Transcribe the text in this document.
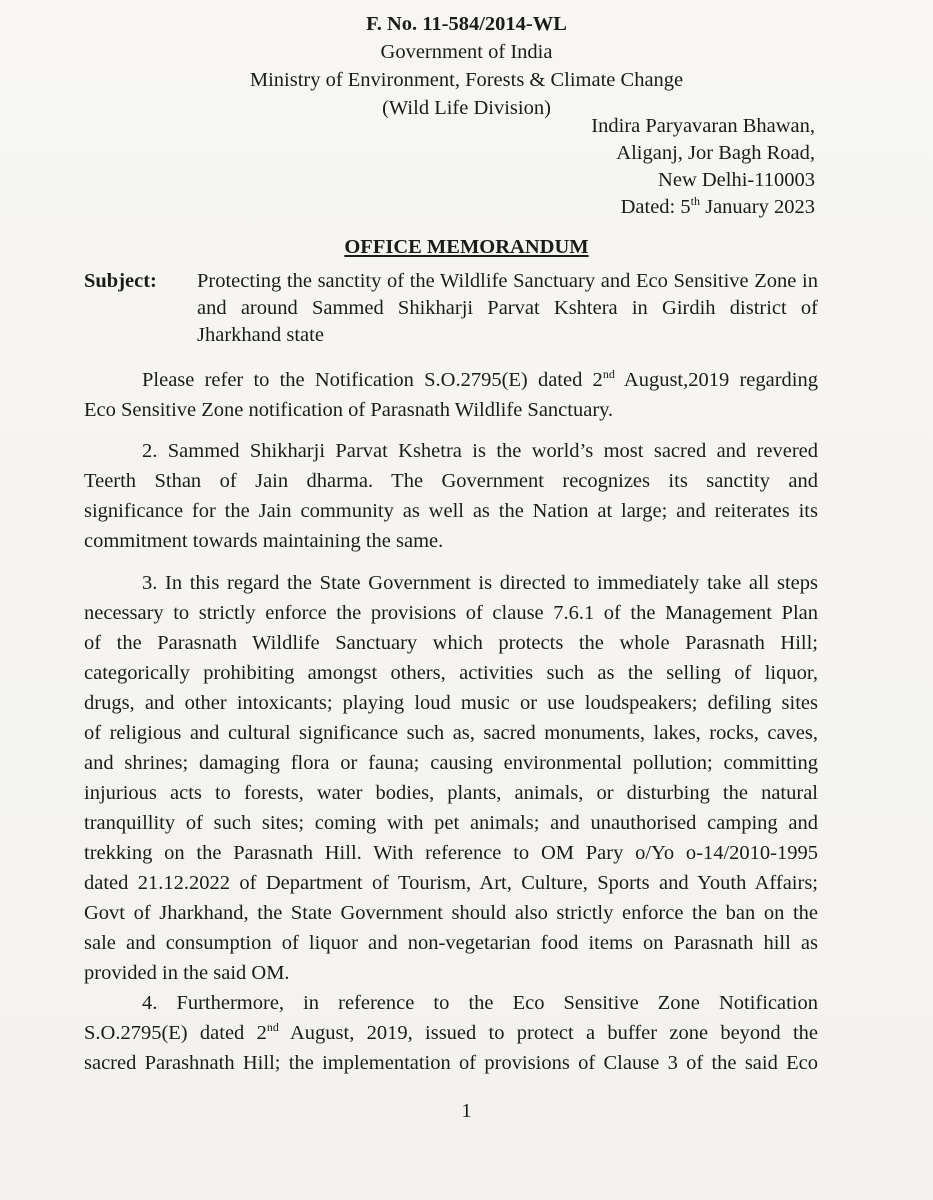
F. No. 11-584/2014-WL
Government of India
Ministry of Environment, Forests & Climate Change
(Wild Life Division)
Indira Paryavaran Bhawan,
Aliganj, Jor Bagh Road,
New Delhi-110003
Dated: 5th January 2023
OFFICE MEMORANDUM
Subject: Protecting the sanctity of the Wildlife Sanctuary and Eco Sensitive Zone in and around Sammed Shikharji Parvat Kshtera in Girdih district of Jharkhand state
Please refer to the Notification S.O.2795(E) dated 2nd August,2019 regarding
Eco Sensitive Zone notification of Parasnath Wildlife Sanctuary.
2. Sammed Shikharji Parvat Kshetra is the world’s most sacred and revered
Teerth Sthan of Jain dharma. The Government recognizes its sanctity and
significance for the Jain community as well as the Nation at large; and reiterates its
commitment towards maintaining the same.
3. In this regard the State Government is directed to immediately take all steps
necessary to strictly enforce the provisions of clause 7.6.1 of the Management Plan
of the Parasnath Wildlife Sanctuary which protects the whole Parasnath Hill;
categorically prohibiting amongst others, activities such as the selling of liquor,
drugs, and other intoxicants; playing loud music or use loudspeakers; defiling sites
of religious and cultural significance such as, sacred monuments, lakes, rocks, caves,
and shrines; damaging flora or fauna; causing environmental pollution; committing
injurious acts to forests, water bodies, plants, animals, or disturbing the natural
tranquillity of such sites; coming with pet animals; and unauthorised camping and
trekking on the Parasnath Hill. With reference to OM Pary o/Yo o-14/2010-1995
dated 21.12.2022 of Department of Tourism, Art, Culture, Sports and Youth Affairs;
Govt of Jharkhand, the State Government should also strictly enforce the ban on the
sale and consumption of liquor and non-vegetarian food items on Parasnath hill as
provided in the said OM.
4. Furthermore, in reference to the Eco Sensitive Zone Notification
S.O.2795(E) dated 2nd August, 2019, issued to protect a buffer zone beyond the
sacred Parashnath Hill; the implementation of provisions of Clause 3 of the said Eco
1
